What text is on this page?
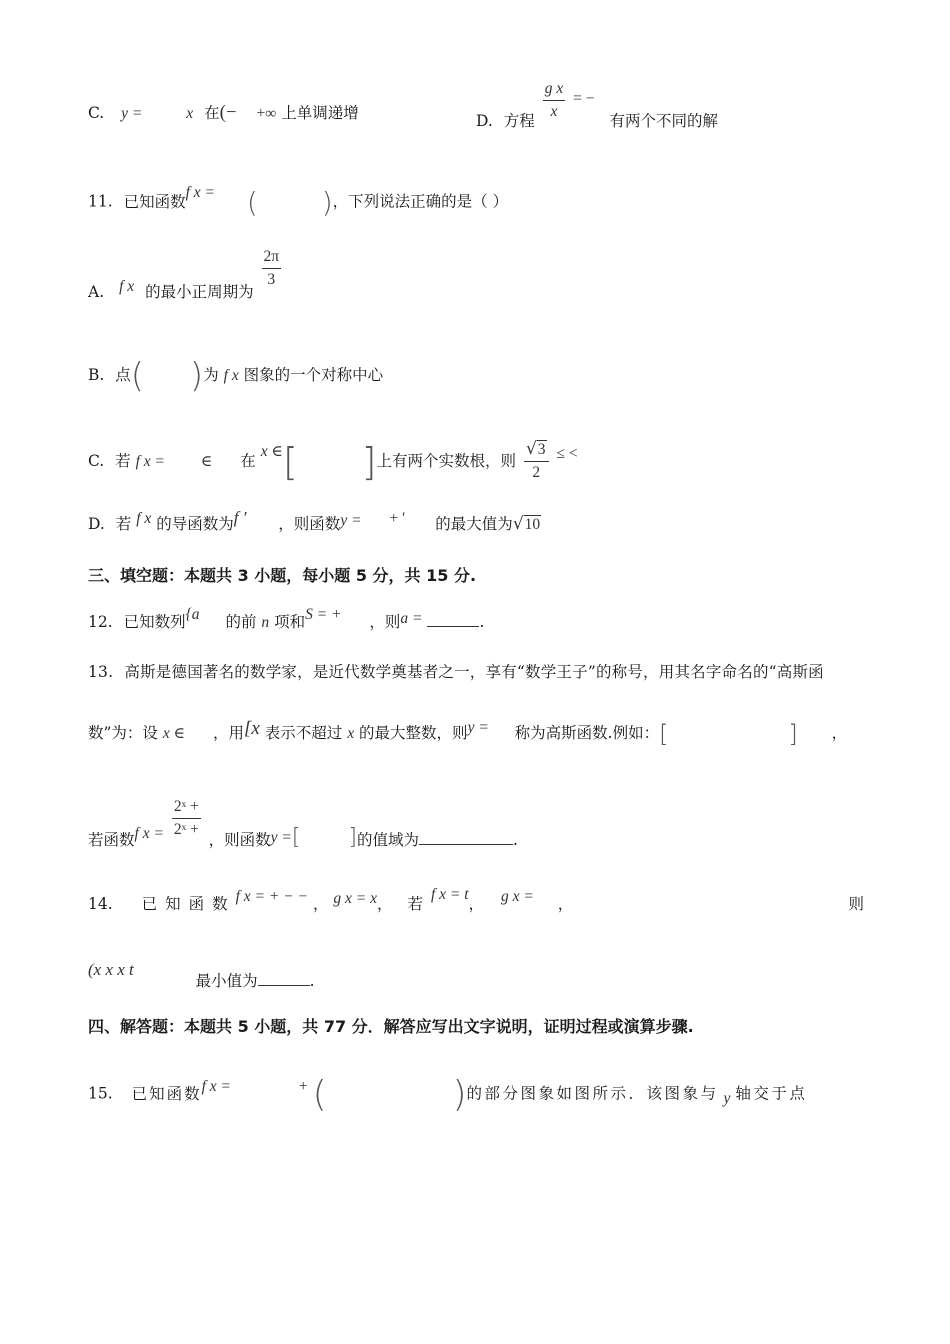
C. y =	x 在(− +∞ 上单调递增	D. 方程 $\frac{\text{g x}}{x}$ = − 有两个不同的解
11. 已知函数f x = ( )，下列说法正确的是（ ）
A. f x 的最小正周期为
$\frac{2\pi}{3}$
B. 点( )为 f x 图象的一个对称中心
C. 若 f x = ∈ 在 x ∈[ ]上有两个实数根，则 $\frac{√3}{2}$ ≤ <
D. 若 f x 的导函数为f ′ ，则函数y = + ′ 的最大值为√10
三、填空题：本题共 3 小题，每小题 5 分，共 15 分.
12. 已知数列{a 的前 n 项和S = + ，则a =	.
13. 高斯是德国著名的数学家，是近代数学奠基者之一，享有“数学王子”的称号，用其名字命名的“高斯函
数”为：设 x ∈ ，用[x 表示不超过 x 的最大整数，则y = 称为高斯函数.例如：[	] ，
若函数f $x = \frac{\text{2ˣ +}}{\text{2ˣ +}}$
，则函数y =[ ]的值域为	.
14. 已知函数f x = + − − ， g x = x， 若f x = t， g x = ，	则
(x x x t  最小值为	.
四、解答题：本题共 5 小题，共 77 分．解答应写出文字说明，证明过程或演算步骤.
15. 已知函数f x =	+ (	)的部分图象如图所示．该图象与 y 轴交于点
